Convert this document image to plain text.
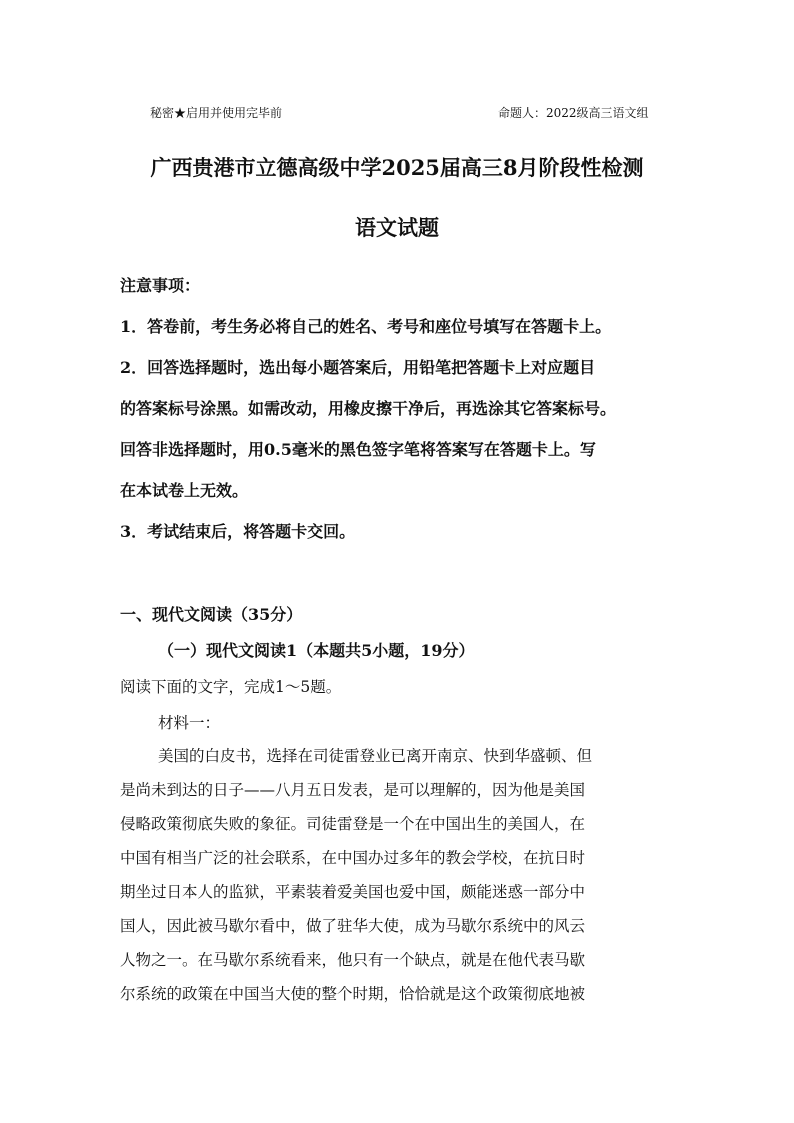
秘密★启用并使用完毕前	命题人：2022级高三语文组
广西贵港市立德高级中学2025届高三8月阶段性检测
语文试题
注意事项：
1．答卷前，考生务必将自己的姓名、考号和座位号填写在答题卡上。
2．回答选择题时，选出每小题答案后，用铅笔把答题卡上对应题目
的答案标号涂黑。如需改动，用橡皮擦干净后，再选涂其它答案标号。
回答非选择题时，用0.5毫米的黑色签字笔将答案写在答题卡上。写
在本试卷上无效。
3．考试结束后，将答题卡交回。
一、现代文阅读（35分）
（一）现代文阅读1（本题共5小题，19分）
阅读下面的文字，完成1～5题。
材料一：
美国的白皮书，选择在司徒雷登业已离开南京、快到华盛顿、但
是尚未到达的日子——八月五日发表，是可以理解的，因为他是美国
侵略政策彻底失败的象征。司徒雷登是一个在中国出生的美国人，在
中国有相当广泛的社会联系，在中国办过多年的教会学校，在抗日时
期坐过日本人的监狱，平素装着爱美国也爱中国，颇能迷惑一部分中
国人，因此被马歇尔看中，做了驻华大使，成为马歇尔系统中的风云
人物之一。在马歇尔系统看来，他只有一个缺点，就是在他代表马歇
尔系统的政策在中国当大使的整个时期，恰恰就是这个政策彻底地被
